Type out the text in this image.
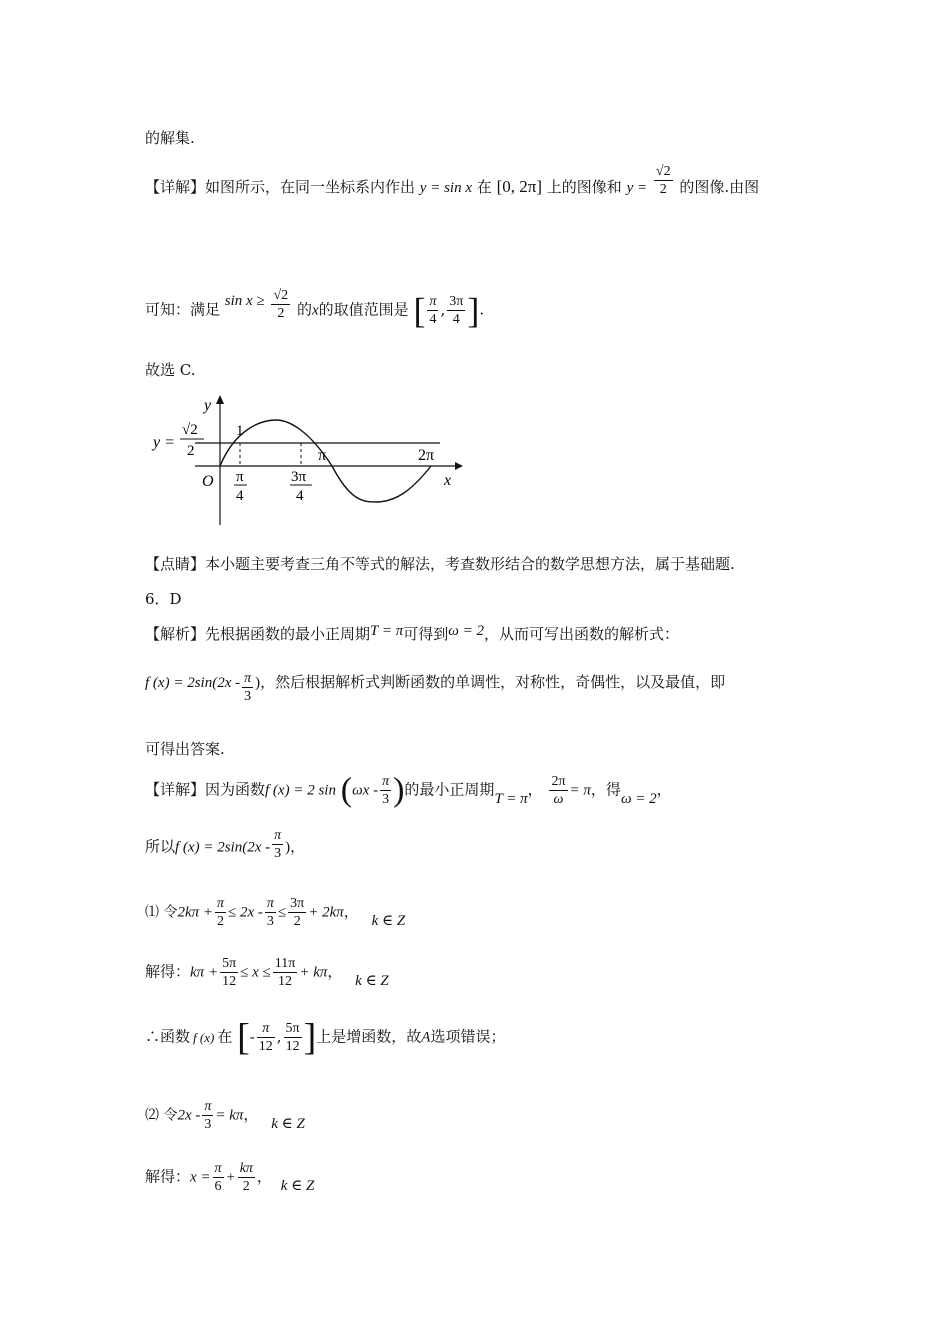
的解集.
【详解】如图所示，在同一坐标系内作出 y = sin x 在 [0, 2π] 上的图像和 $y = \frac{√2}{2}$ 的图像.由图
可知：满足 $\sin x \ge \frac{√2}{2}$ 的x的取值范围是 [ $\frac{\pi}{4}$ , $\frac{3\pi}{4}$ ].
故选 C.
y
x
O
1
π	2π
π
4
3π
4
y =
√2
2
【点睛】本小题主要考查三角不等式的解法，考查数形结合的数学思想方法，属于基础题.
6．D
【解析】先根据函数的最小正周期T = π可得到ω = 2，从而可写出函数的解析式：
f $(x) = 2\sin(2x - \frac{\pi}{3}$ )，然后根据解析式判断函数的单调性，对称性，奇偶性，以及最值，即
可得出答案.
【详解】因为函数f (x) = 2 $\sin (\omega x - \frac{\pi}{3}$ )的最小正周期T = π， $\frac{2\pi}{\omega} = \pi$，得ω = 2，
所以f $(x) = 2\sin(2x - \frac{\pi}{3}$ )，
⑴ 令$2k\pi + \frac{\pi}{2} \le 2x - \frac{\pi}{3} \le \frac{3\pi}{2} + 2k\pi$， k ∈ Z
解得：$k\pi + \frac{5\pi}{12} \le x \le \frac{11\pi}{12} + k\pi$， k ∈ Z
∴函数 f (x) 在 [- $\frac{\pi}{12}$ , $\frac{5\pi}{12}$ ]上是增函数，故A选项错误；
⑵ 令$2x - \frac{\pi}{3} = k\pi$， k ∈ Z
解得：$x = \frac{\pi}{6} + \frac{k\pi}{2}$ ， k ∈ Z
